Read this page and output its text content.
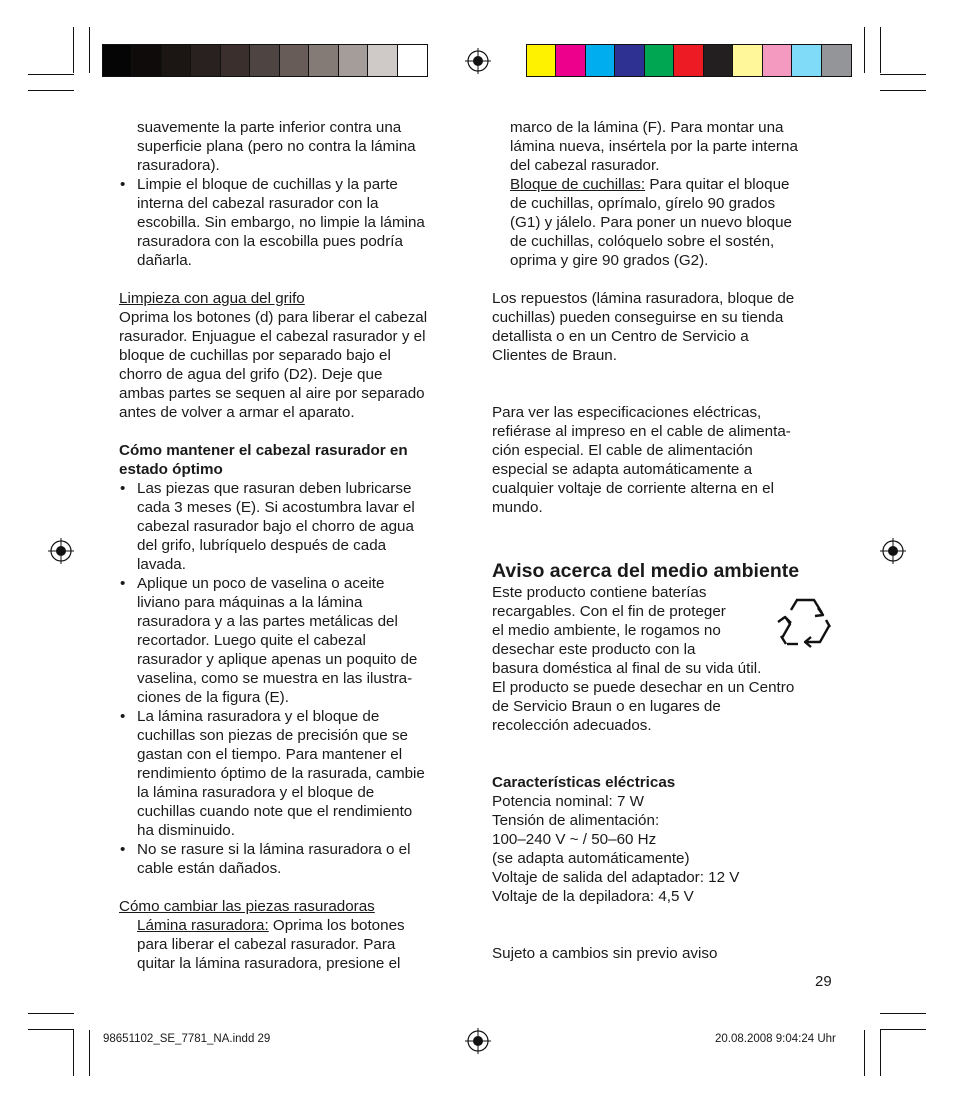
suavemente la parte inferior contra una

superficie plana (pero no contra la lámina

rasuradora).

• Limpie el bloque de cuchillas y la parte

interna del cabezal rasurador con la

escobilla. Sin embargo, no limpie la lámina

rasuradora con la escobilla pues podría

dañarla.

Limpieza con agua del grifo

Oprima los botones (d) para liberar el cabezal

rasurador. Enjuague el cabezal rasurador y el

bloque de cuchillas por separado bajo el

chorro de agua del grifo (D2). Deje que

ambas partes se sequen al aire por separado

antes de volver a armar el aparato.

Cómo mantener el cabezal rasurador en

estado óptimo

• Las piezas que rasuran deben lubricarse

cada 3 meses (E). Si acostumbra lavar el

cabezal rasurador bajo el chorro de agua

del grifo, lubríquelo después de cada

lavada.

• Aplique un poco de vaselina o aceite

liviano para máquinas a la lámina

rasuradora y a las partes metálicas del

recortador. Luego quite el cabezal

rasurador y aplique apenas un poquito de

vaselina, como se muestra en las ilustra-

ciones de la figura (E).

• La lámina rasuradora y el bloque de

cuchillas son piezas de precisión que se

gastan con el tiempo. Para mantener el

rendimiento óptimo de la rasurada, cambie

la lámina rasuradora y el bloque de

cuchillas cuando note que el rendimiento

ha disminuido.

• No se rasure si la lámina rasuradora o el

cable están dañados.

Cómo cambiar las piezas rasuradoras

Lámina rasuradora: Oprima los botones

para liberar el cabezal rasurador. Para

quitar la lámina rasuradora, presione el

marco de la lámina (F). Para montar una

lámina nueva, insértela por la parte interna

del cabezal rasurador.

Bloque de cuchillas: Para quitar el bloque

de cuchillas, oprímalo, gírelo 90 grados

(G1) y jálelo. Para poner un nuevo bloque

de cuchillas, colóquelo sobre el sostén,

oprima y gire 90 grados (G2).

Los repuestos (lámina rasuradora, bloque de

cuchillas) pueden conseguirse en su tienda

detallista o en un Centro de Servicio a

Clientes de Braun.

Para ver las especificaciones eléctricas,

refiérase al impreso en el cable de alimenta-

ción especial. El cable de alimentación

especial se adapta automáticamente a

cualquier voltaje de corriente alterna en el

mundo.

Aviso acerca del medio ambiente

Este producto contiene baterías

recargables. Con el fin de proteger

el medio ambiente, le rogamos no

desechar este producto con la

basura doméstica al final de su vida útil.

El producto se puede desechar en un Centro

de Servicio Braun o en lugares de

recolección adecuados.

Características eléctricas

Potencia nominal: 7 W

Tensión de alimentación:

100–240 V ~ / 50–60 Hz

(se adapta automáticamente)

Voltaje de salida del adaptador: 12 V

Voltaje de la depiladora: 4,5 V

Sujeto a cambios sin previo aviso

29
98651102_SE_7781_NA.indd 29	20.08.2008 9:04:24 Uhr
